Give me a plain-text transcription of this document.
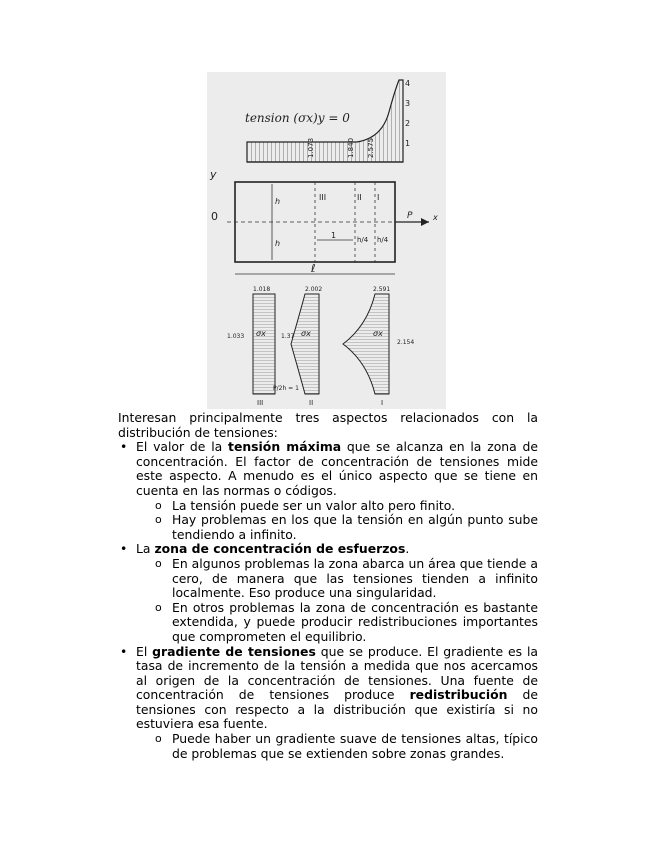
tension (σx)y = 0
4
3
2
1
1.073	1.840 2.575
y
0
h
h
III	II I
1	h/4 h/4
P	x
ℓ
1.018
1.033 σx
III
2.002
1.37 σx
P/2h = 1
II
2.591
2.154
σx
I

Interesan principalmente tres aspectos relacionados con la distribución de tensiones:

• El valor de la tensión máxima que se alcanza en la zona de concentración. El factor de concentración de tensiones mide este aspecto. A menudo es el único aspecto que se tiene en cuenta en las normas o códigos.
o La tensión puede ser un valor alto pero finito.
o Hay problemas en los que la tensión en algún punto sube tendiendo a infinito.
• La zona de concentración de esfuerzos.
o En algunos problemas la zona abarca un área que tiende a cero, de manera que las tensiones tienden a infinito localmente. Eso produce una singularidad.
o En otros problemas la zona de concentración es bastante extendida, y puede producir redistribuciones importantes que comprometen el equilibrio.
• El gradiente de tensiones que se produce. El gradiente es la tasa de incremento de la tensión a medida que nos acercamos al origen de la concentración de tensiones. Una fuente de concentración de tensiones produce redistribución de tensiones con respecto a la distribución que existiría si no estuviera esa fuente.
o Puede haber un gradiente suave de tensiones altas, típico de problemas que se extienden sobre zonas grandes.
